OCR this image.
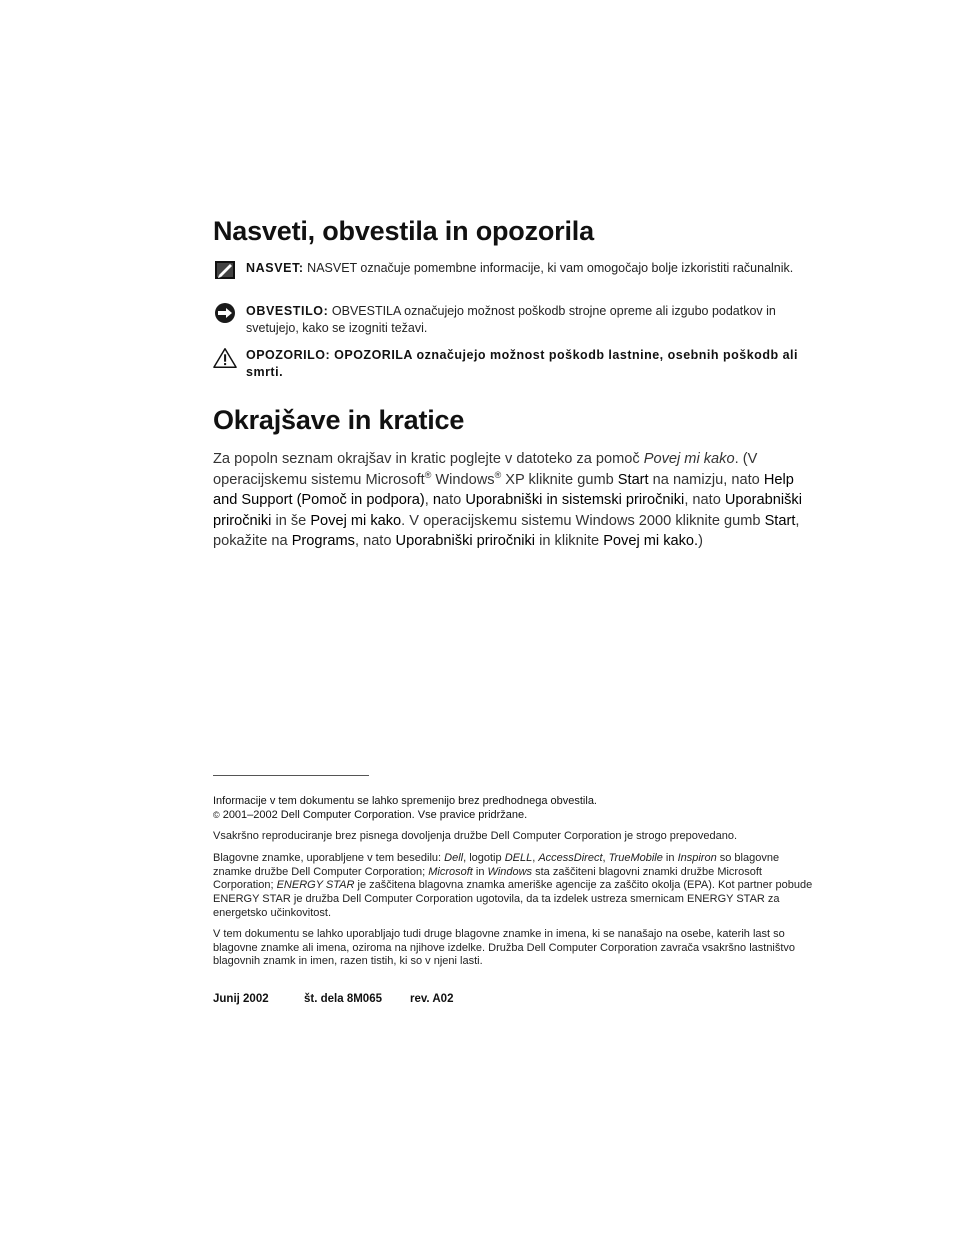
Nasveti, obvestila in opozorila
NASVET: NASVET označuje pomembne informacije, ki vam omogočajo bolje izkoristiti računalnik.
OBVESTILO: OBVESTILA označujejo možnost poškodb strojne opreme ali izgubo podatkov in svetujejo, kako se izogniti težavi.
OPOZORILO: OPOZORILA označujejo možnost poškodb lastnine, osebnih poškodb ali smrti.
Okrajšave in kratice
Za popoln seznam okrajšav in kratic poglejte v datoteko za pomoč Povej mi kako. (V operacijskemu sistemu Microsoft® Windows® XP kliknite gumb Start na namizju, nato Help and Support (Pomoč in podpora), nato Uporabniški in sistemski priročniki, nato Uporabniški priročniki in še Povej mi kako. V operacijskemu sistemu Windows 2000 kliknite gumb Start, pokažite na Programs, nato Uporabniški priročniki in kliknite Povej mi kako.)
Informacije v tem dokumentu se lahko spremenijo brez predhodnega obvestila.
© 2001–2002 Dell Computer Corporation. Vse pravice pridržane.
Vsakršno reproduciranje brez pisnega dovoljenja družbe Dell Computer Corporation je strogo prepovedano.
Blagovne znamke, uporabljene v tem besedilu: Dell, logotip DELL, AccessDirect, TrueMobile in Inspiron so blagovne znamke družbe Dell Computer Corporation; Microsoft in Windows sta zaščiteni blagovni znamki družbe Microsoft Corporation; ENERGY STAR je zaščitena blagovna znamka ameriške agencije za zaščito okolja (EPA). Kot partner pobude ENERGY STAR je družba Dell Computer Corporation ugotovila, da ta izdelek ustreza smernicam ENERGY STAR za energetsko učinkovitost.
V tem dokumentu se lahko uporabljajo tudi druge blagovne znamke in imena, ki se nanašajo na osebe, katerih last so blagovne znamke ali imena, oziroma na njihove izdelke. Družba Dell Computer Corporation zavrača vsakršno lastništvo blagovnih znamk in imen, razen tistih, ki so v njeni lasti.
Junij 2002	št. dela 8M065 rev. A02
